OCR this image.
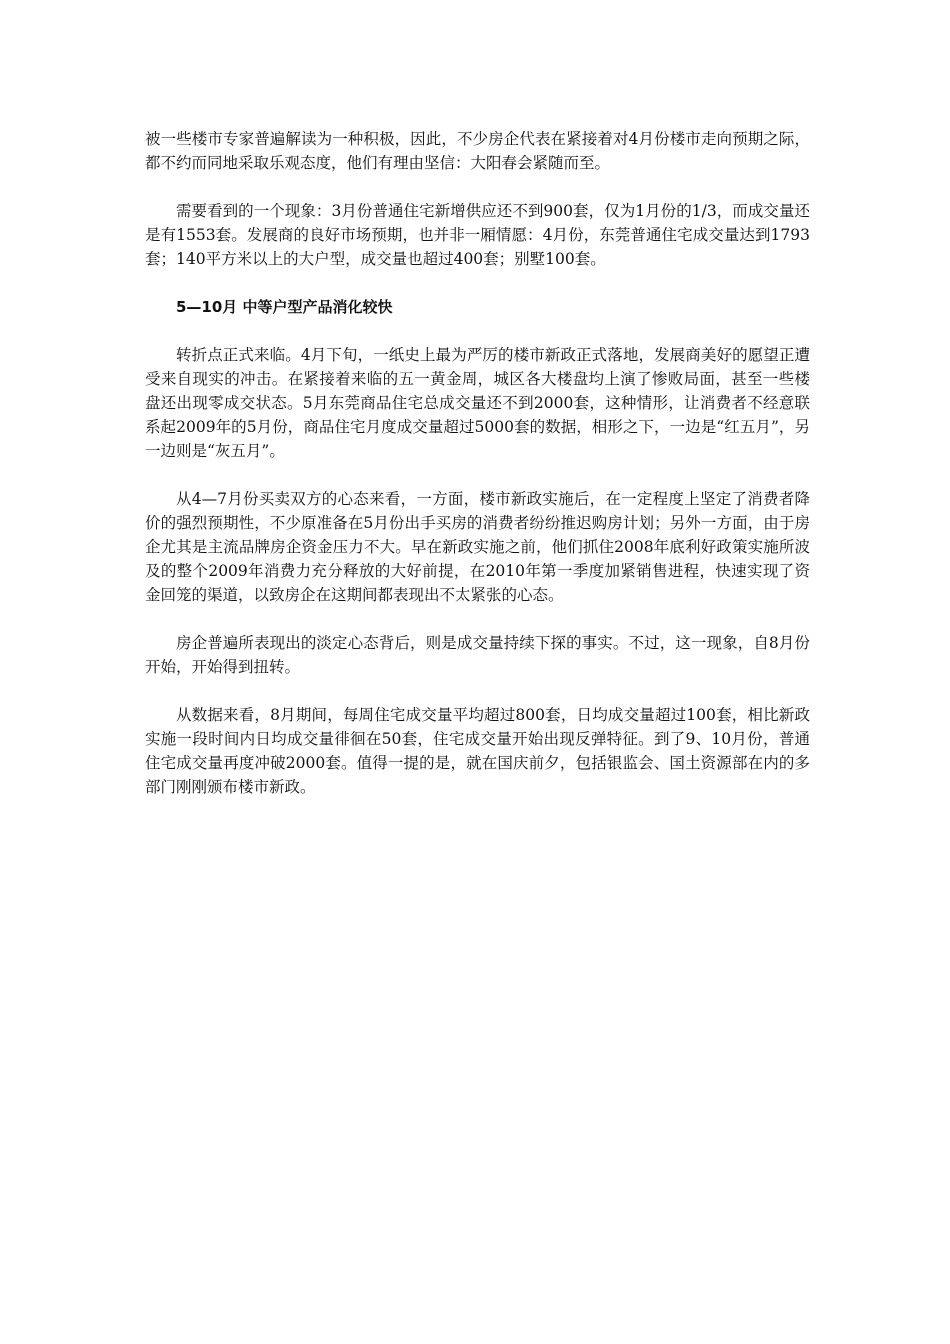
被一些楼市专家普遍解读为一种积极，因此，不少房企代表在紧接着对4月份楼市走向预期之际，都不约而同地采取乐观态度，他们有理由坚信：大阳春会紧随而至。

需要看到的一个现象：3月份普通住宅新增供应还不到900套，仅为1月份的1/3，而成交量还是有1553套。发展商的良好市场预期，也并非一厢情愿：4月份，东莞普通住宅成交量达到1793套；140平方米以上的大户型，成交量也超过400套；别墅100套。

5—10月 中等户型产品消化较快

转折点正式来临。4月下旬，一纸史上最为严厉的楼市新政正式落地，发展商美好的愿望正遭受来自现实的冲击。在紧接着来临的五一黄金周，城区各大楼盘均上演了惨败局面，甚至一些楼盘还出现零成交状态。5月东莞商品住宅总成交量还不到2000套，这种情形，让消费者不经意联系起2009年的5月份，商品住宅月度成交量超过5000套的数据，相形之下，一边是“红五月”，另一边则是“灰五月”。

从4—7月份买卖双方的心态来看，一方面，楼市新政实施后，在一定程度上坚定了消费者降价的强烈预期性，不少原准备在5月份出手买房的消费者纷纷推迟购房计划；另外一方面，由于房企尤其是主流品牌房企资金压力不大。早在新政实施之前，他们抓住2008年底利好政策实施所波及的整个2009年消费力充分释放的大好前提，在2010年第一季度加紧销售进程，快速实现了资金回笼的渠道，以致房企在这期间都表现出不太紧张的心态。

房企普遍所表现出的淡定心态背后，则是成交量持续下探的事实。不过，这一现象，自8月份开始，开始得到扭转。

从数据来看，8月期间，每周住宅成交量平均超过800套，日均成交量超过100套，相比新政实施一段时间内日均成交量徘徊在50套，住宅成交量开始出现反弹特征。到了9、10月份，普通住宅成交量再度冲破2000套。值得一提的是，就在国庆前夕，包括银监会、国土资源部在内的多部门刚刚颁布楼市新政。
